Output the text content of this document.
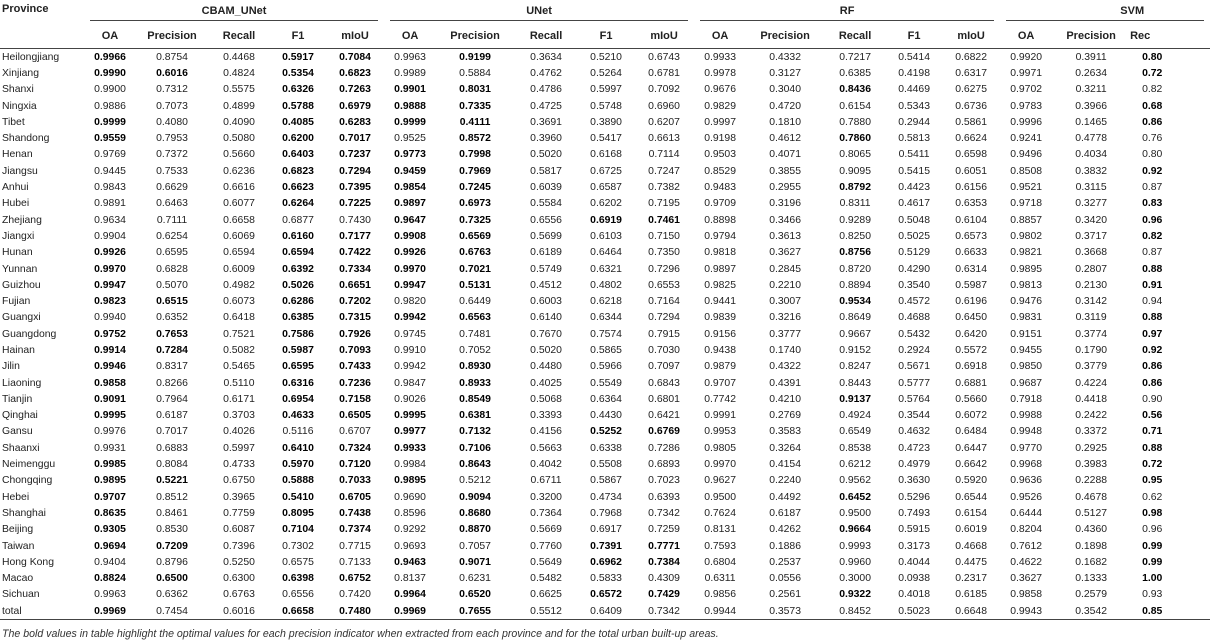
Province	CBAM_UNet					UNet					RF					SVM		

	OA	Precision	Recall	F1	mIoU	OA	Precision	Recall	F1	mIoU	OA	Precision	Recall	F1	mIoU	OA	Precision	Rec
Heilongjiang	0.9966	0.8754	0.4468	0.5917	0.7084	0.9963	0.9199	0.3634	0.5210	0.6743	0.9933	0.4332	0.7217	0.5414	0.6822	0.9920	0.3911	0.80
Xinjiang	0.9990	0.6016	0.4824	0.5354	0.6823	0.9989	0.5884	0.4762	0.5264	0.6781	0.9978	0.3127	0.6385	0.4198	0.6317	0.9971	0.2634	0.72
Shanxi	0.9900	0.7312	0.5575	0.6326	0.7263	0.9901	0.8031	0.4786	0.5997	0.7092	0.9676	0.3040	0.8436	0.4469	0.6275	0.9702	0.3211	0.82
Ningxia	0.9886	0.7073	0.4899	0.5788	0.6979	0.9888	0.7335	0.4725	0.5748	0.6960	0.9829	0.4720	0.6154	0.5343	0.6736	0.9783	0.3966	0.68
Tibet	0.9999	0.4080	0.4090	0.4085	0.6283	0.9999	0.4111	0.3691	0.3890	0.6207	0.9997	0.1810	0.7880	0.2944	0.5861	0.9996	0.1465	0.86
Shandong	0.9559	0.7953	0.5080	0.6200	0.7017	0.9525	0.8572	0.3960	0.5417	0.6613	0.9198	0.4612	0.7860	0.5813	0.6624	0.9241	0.4778	0.76
Henan	0.9769	0.7372	0.5660	0.6403	0.7237	0.9773	0.7998	0.5020	0.6168	0.7114	0.9503	0.4071	0.8065	0.5411	0.6598	0.9496	0.4034	0.80
Jiangsu	0.9445	0.7533	0.6236	0.6823	0.7294	0.9459	0.7969	0.5817	0.6725	0.7247	0.8529	0.3855	0.9095	0.5415	0.6051	0.8508	0.3832	0.92
Anhui	0.9843	0.6629	0.6616	0.6623	0.7395	0.9854	0.7245	0.6039	0.6587	0.7382	0.9483	0.2955	0.8792	0.4423	0.6156	0.9521	0.3115	0.87
Hubei	0.9891	0.6463	0.6077	0.6264	0.7225	0.9897	0.6973	0.5584	0.6202	0.7195	0.9709	0.3196	0.8311	0.4617	0.6353	0.9718	0.3277	0.83
Zhejiang	0.9634	0.7111	0.6658	0.6877	0.7430	0.9647	0.7325	0.6556	0.6919	0.7461	0.8898	0.3466	0.9289	0.5048	0.6104	0.8857	0.3420	0.96
Jiangxi	0.9904	0.6254	0.6069	0.6160	0.7177	0.9908	0.6569	0.5699	0.6103	0.7150	0.9794	0.3613	0.8250	0.5025	0.6573	0.9802	0.3717	0.82
Hunan	0.9926	0.6595	0.6594	0.6594	0.7422	0.9926	0.6763	0.6189	0.6464	0.7350	0.9818	0.3627	0.8756	0.5129	0.6633	0.9821	0.3668	0.87
Yunnan	0.9970	0.6828	0.6009	0.6392	0.7334	0.9970	0.7021	0.5749	0.6321	0.7296	0.9897	0.2845	0.8720	0.4290	0.6314	0.9895	0.2807	0.88
Guizhou	0.9947	0.5070	0.4982	0.5026	0.6651	0.9947	0.5131	0.4512	0.4802	0.6553	0.9825	0.2210	0.8894	0.3540	0.5987	0.9813	0.2130	0.91
Fujian	0.9823	0.6515	0.6073	0.6286	0.7202	0.9820	0.6449	0.6003	0.6218	0.7164	0.9441	0.3007	0.9534	0.4572	0.6196	0.9476	0.3142	0.94
Guangxi	0.9940	0.6352	0.6418	0.6385	0.7315	0.9942	0.6563	0.6140	0.6344	0.7294	0.9839	0.3216	0.8649	0.4688	0.6450	0.9831	0.3119	0.88
Guangdong	0.9752	0.7653	0.7521	0.7586	0.7926	0.9745	0.7481	0.7670	0.7574	0.7915	0.9156	0.3777	0.9667	0.5432	0.6420	0.9151	0.3774	0.97
Hainan	0.9914	0.7284	0.5082	0.5987	0.7093	0.9910	0.7052	0.5020	0.5865	0.7030	0.9438	0.1740	0.9152	0.2924	0.5572	0.9455	0.1790	0.92
Jilin	0.9946	0.8317	0.5465	0.6595	0.7433	0.9942	0.8930	0.4480	0.5966	0.7097	0.9879	0.4322	0.8247	0.5671	0.6918	0.9850	0.3779	0.86
Liaoning	0.9858	0.8266	0.5110	0.6316	0.7236	0.9847	0.8933	0.4025	0.5549	0.6843	0.9707	0.4391	0.8443	0.5777	0.6881	0.9687	0.4224	0.86
Tianjin	0.9091	0.7964	0.6171	0.6954	0.7158	0.9026	0.8549	0.5068	0.6364	0.6801	0.7742	0.4210	0.9137	0.5764	0.5660	0.7918	0.4418	0.90
Qinghai	0.9995	0.6187	0.3703	0.4633	0.6505	0.9995	0.6381	0.3393	0.4430	0.6421	0.9991	0.2769	0.4924	0.3544	0.6072	0.9988	0.2422	0.56
Gansu	0.9976	0.7017	0.4026	0.5116	0.6707	0.9977	0.7132	0.4156	0.5252	0.6769	0.9953	0.3583	0.6549	0.4632	0.6484	0.9948	0.3372	0.71
Shaanxi	0.9931	0.6883	0.5997	0.6410	0.7324	0.9933	0.7106	0.5663	0.6338	0.7286	0.9805	0.3264	0.8538	0.4723	0.6447	0.9770	0.2925	0.88
Neimenggu	0.9985	0.8084	0.4733	0.5970	0.7120	0.9984	0.8643	0.4042	0.5508	0.6893	0.9970	0.4154	0.6212	0.4979	0.6642	0.9968	0.3983	0.72
Chongqing	0.9895	0.5221	0.6750	0.5888	0.7033	0.9895	0.5212	0.6711	0.5867	0.7023	0.9627	0.2240	0.9562	0.3630	0.5920	0.9636	0.2288	0.95
Hebei	0.9707	0.8512	0.3965	0.5410	0.6705	0.9690	0.9094	0.3200	0.4734	0.6393	0.9500	0.4492	0.6452	0.5296	0.6544	0.9526	0.4678	0.62
Shanghai	0.8635	0.8461	0.7759	0.8095	0.7438	0.8596	0.8680	0.7364	0.7968	0.7342	0.7624	0.6187	0.9500	0.7493	0.6154	0.6444	0.5127	0.98
Beijing	0.9305	0.8530	0.6087	0.7104	0.7374	0.9292	0.8870	0.5669	0.6917	0.7259	0.8131	0.4262	0.9664	0.5915	0.6019	0.8204	0.4360	0.96
Taiwan	0.9694	0.7209	0.7396	0.7302	0.7715	0.9693	0.7057	0.7760	0.7391	0.7771	0.7593	0.1886	0.9993	0.3173	0.4668	0.7612	0.1898	0.99
Hong Kong	0.9404	0.8796	0.5250	0.6575	0.7133	0.9463	0.9071	0.5649	0.6962	0.7384	0.6804	0.2537	0.9960	0.4044	0.4475	0.4622	0.1682	0.99
Macao	0.8824	0.6500	0.6300	0.6398	0.6752	0.8137	0.6231	0.5482	0.5833	0.4309	0.6311	0.0556	0.3000	0.0938	0.2317	0.3627	0.1333	1.00
Sichuan	0.9963	0.6362	0.6763	0.6556	0.7420	0.9964	0.6520	0.6625	0.6572	0.7429	0.9856	0.2561	0.9322	0.4018	0.6185	0.9858	0.2579	0.93
total	0.9969	0.7454	0.6016	0.6658	0.7480	0.9969	0.7655	0.5512	0.6409	0.7342	0.9944	0.3573	0.8452	0.5023	0.6648	0.9943	0.3542	0.85
The bold values in table highlight the optimal values for each precision indicator when extracted from each province and for the total urban built-up areas.
